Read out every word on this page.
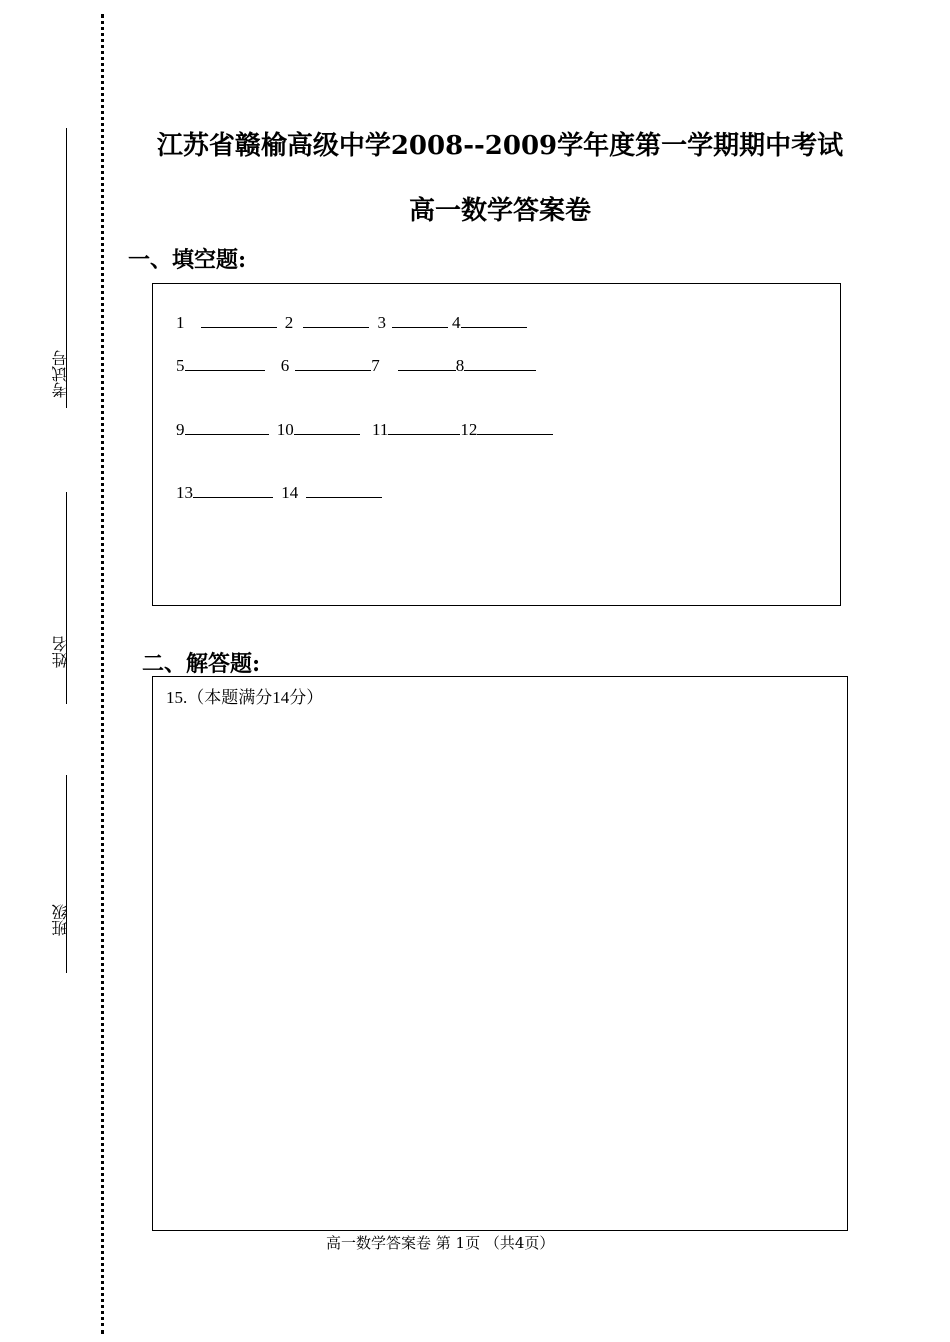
考试号
姓名
班级
江苏省赣榆高级中学2008--2009学年度第一学期期中考试
高一数学答案卷
一、填空题:
1	2	3	4
5	6	7	8
9	10	11	12
13	14
二、解答题:
15.（本题满分14分）
高一数学答案卷 第 1页 （共4页）
